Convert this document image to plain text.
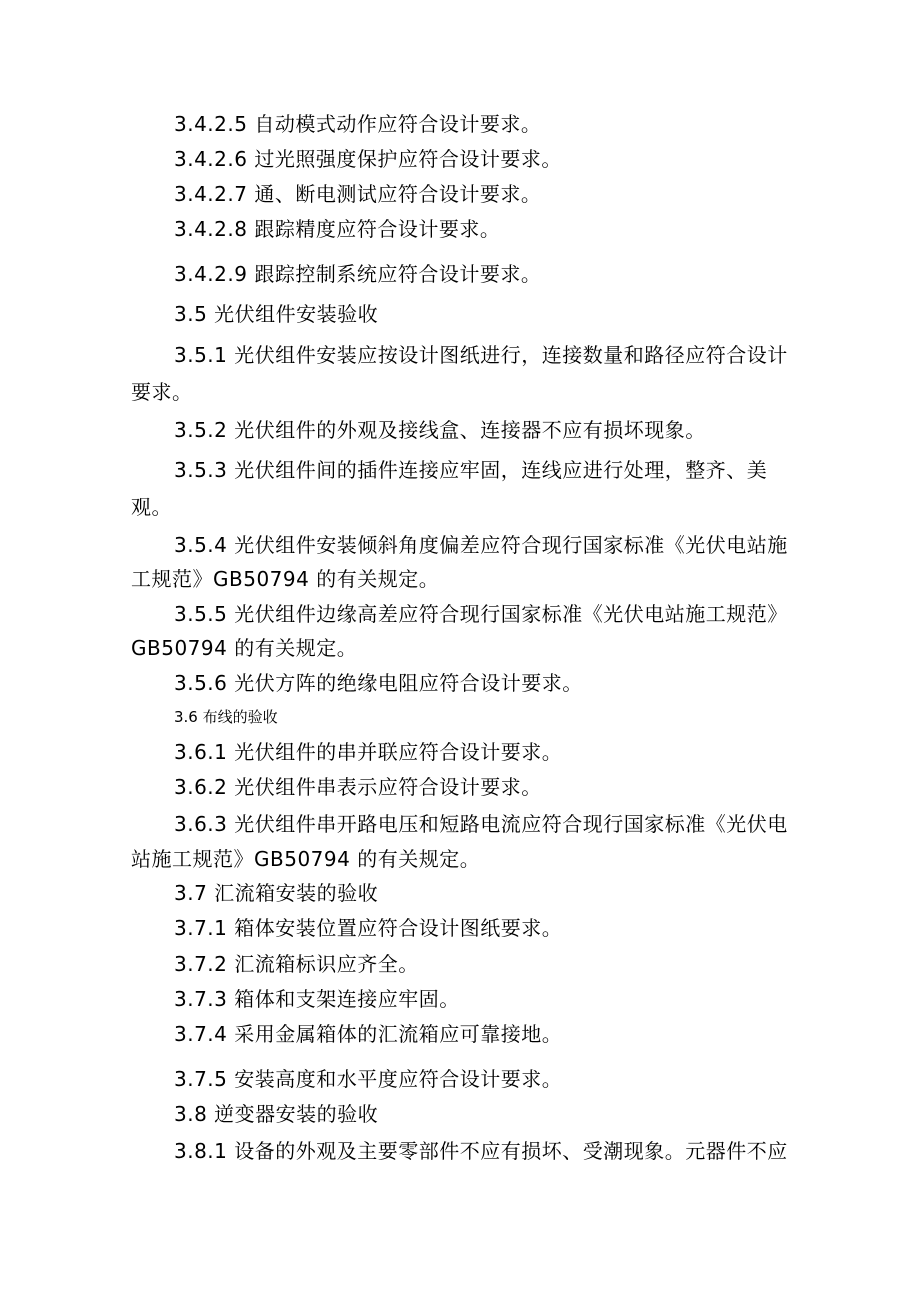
3.4.2.5 自动模式动作应符合设计要求。
3.4.2.6 过光照强度保护应符合设计要求。
3.4.2.7 通、断电测试应符合设计要求。
3.4.2.8 跟踪精度应符合设计要求。
3.4.2.9 跟踪控制系统应符合设计要求。
3.5 光伏组件安装验收
3.5.1 光伏组件安装应按设计图纸进行，连接数量和路径应符合设计
要求。
3.5.2 光伏组件的外观及接线盒、连接器不应有损坏现象。
3.5.3 光伏组件间的插件连接应牢固，连线应进行处理，整齐、美
观。
3.5.4 光伏组件安装倾斜角度偏差应符合现行国家标准《光伏电站施
工规范》GB50794 的有关规定。
3.5.5 光伏组件边缘高差应符合现行国家标准《光伏电站施工规范》
GB50794 的有关规定。
3.5.6 光伏方阵的绝缘电阻应符合设计要求。
3.6 布线的验收
3.6.1 光伏组件的串并联应符合设计要求。
3.6.2 光伏组件串表示应符合设计要求。
3.6.3 光伏组件串开路电压和短路电流应符合现行国家标准《光伏电
站施工规范》GB50794 的有关规定。
3.7 汇流箱安装的验收
3.7.1 箱体安装位置应符合设计图纸要求。
3.7.2 汇流箱标识应齐全。
3.7.3 箱体和支架连接应牢固。
3.7.4 采用金属箱体的汇流箱应可靠接地。
3.7.5 安装高度和水平度应符合设计要求。
3.8 逆变器安装的验收
3.8.1 设备的外观及主要零部件不应有损坏、受潮现象。元器件不应
